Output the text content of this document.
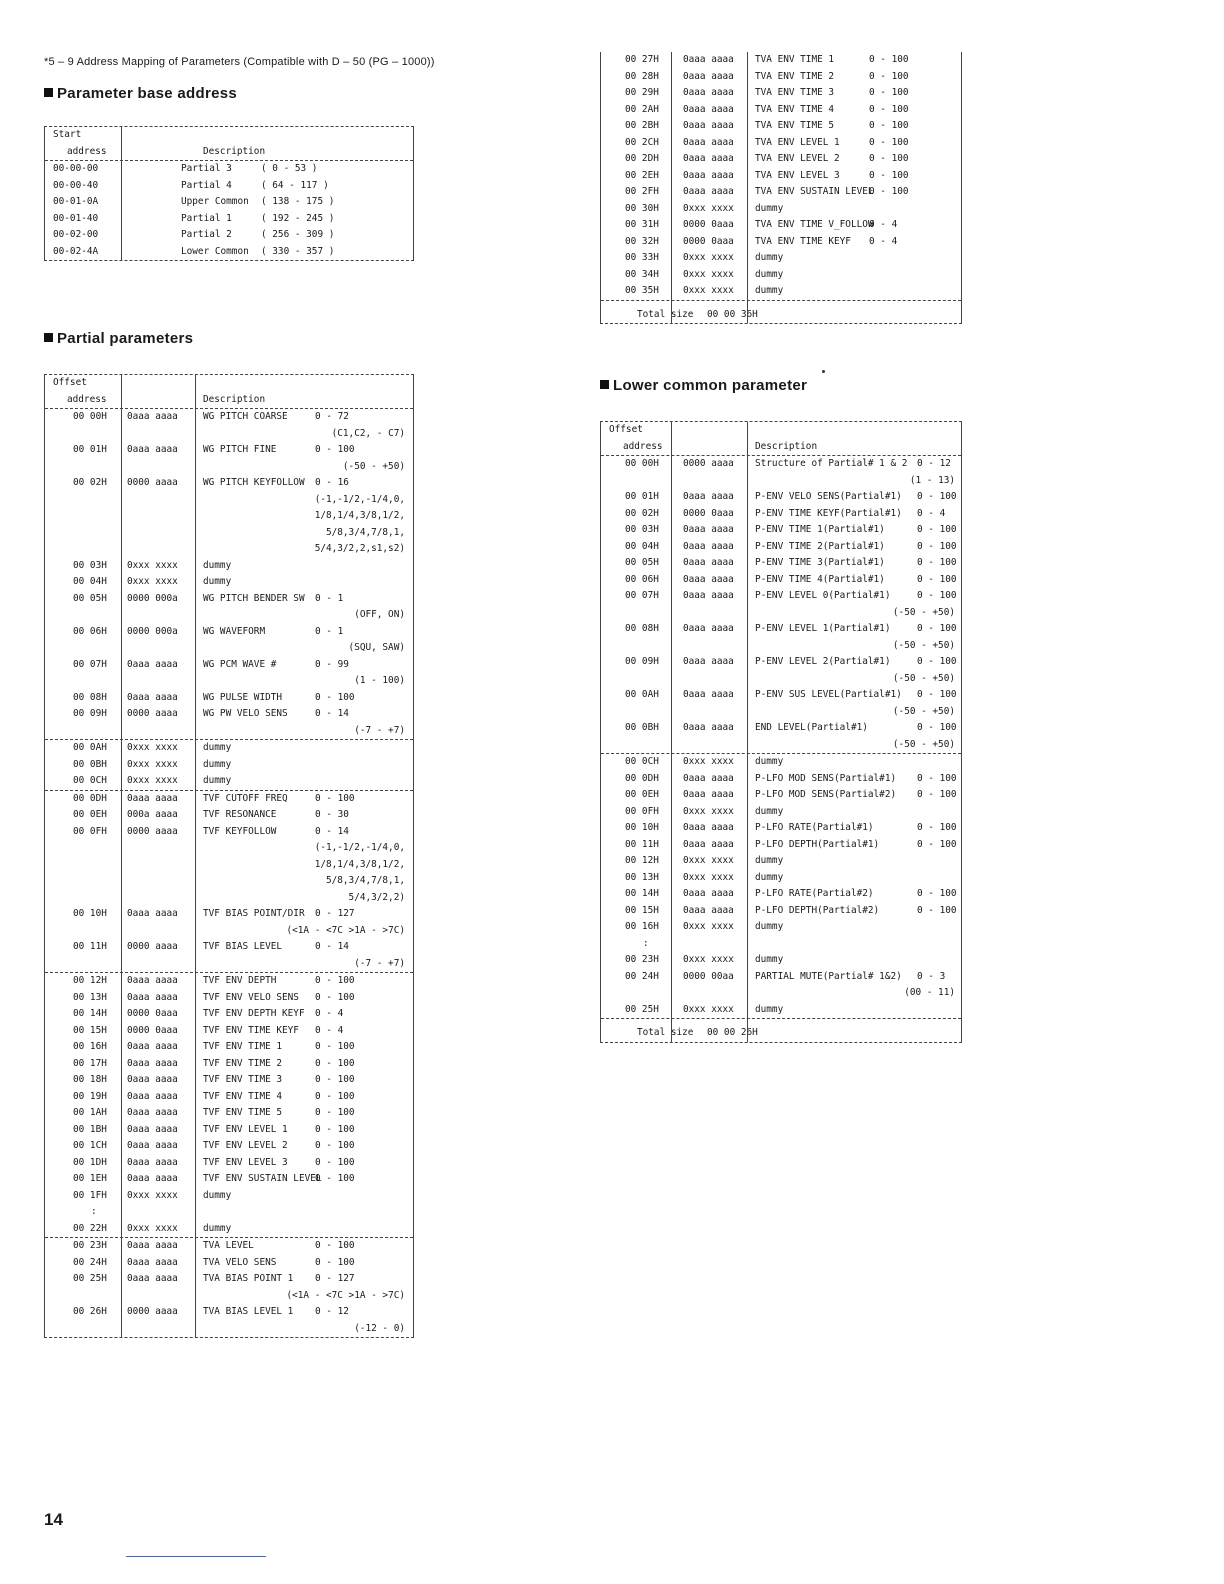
*5 – 9 Address Mapping of Parameters (Compatible with D – 50 (PG – 1000))
Parameter base address
Start
address	Description
00-00-00	Partial 3	( 0 - 53 )
00-00-40	Partial 4	( 64 - 117 )
00-01-0A	Upper Common ( 138 - 175 )
00-01-40	Partial 1	( 192 - 245 )
00-02-00	Partial 2	( 256 - 309 )
00-02-4A	Lower Common ( 330 - 357 )
Partial parameters
Offset
address	Description
00 00H 0aaa aaaa	WG PITCH COARSE	0 - 72
(C1,C2, - C7)
00 01H 0aaa aaaa	WG PITCH FINE	0 - 100
(-50 - +50)
00 02H 0000 aaaa	WG PITCH KEYFOLLOW 0 - 16
(-1,-1/2,-1/4,0,
1/8,1/4,3/8,1/2,
5/8,3/4,7/8,1,
5/4,3/2,2,s1,s2)
00 03H 0xxx xxxx	dummy
00 04H 0xxx xxxx	dummy
00 05H 0000 000a	WG PITCH BENDER SW 0 - 1
(OFF, ON)
00 06H 0000 000a	WG WAVEFORM	0 - 1
(SQU, SAW)
00 07H 0aaa aaaa	WG PCM WAVE #	0 - 99
(1 - 100)
00 08H 0aaa aaaa	WG PULSE WIDTH	0 - 100
00 09H 0000 aaaa	WG PW VELO SENS	0 - 14
(-7 - +7)
00 0AH 0xxx xxxx	dummy
00 0BH 0xxx xxxx	dummy
00 0CH 0xxx xxxx	dummy
00 0DH 0aaa aaaa	TVF CUTOFF FREQ	0 - 100
00 0EH 000a aaaa	TVF RESONANCE	0 - 30
00 0FH 0000 aaaa	TVF KEYFOLLOW	0 - 14
(-1,-1/2,-1/4,0,
1/8,1/4,3/8,1/2,
5/8,3/4,7/8,1,
5/4,3/2,2)
00 10H 0aaa aaaa	TVF BIAS POINT/DIR 0 - 127
(<1A - <7C >1A - >7C)
00 11H 0000 aaaa	TVF BIAS LEVEL	0 - 14
(-7 - +7)
00 12H 0aaa aaaa	TVF ENV DEPTH	0 - 100
00 13H 0aaa aaaa	TVF ENV VELO SENS 0 - 100
00 14H 0000 0aaa	TVF ENV DEPTH KEYF 0 - 4
00 15H 0000 0aaa	TVF ENV TIME KEYF 0 - 4
00 16H 0aaa aaaa	TVF ENV TIME 1	0 - 100
00 17H 0aaa aaaa	TVF ENV TIME 2	0 - 100
00 18H 0aaa aaaa	TVF ENV TIME 3	0 - 100
00 19H 0aaa aaaa	TVF ENV TIME 4	0 - 100
00 1AH 0aaa aaaa	TVF ENV TIME 5	0 - 100
00 1BH 0aaa aaaa	TVF ENV LEVEL 1	0 - 100
00 1CH 0aaa aaaa	TVF ENV LEVEL 2	0 - 100
00 1DH 0aaa aaaa	TVF ENV LEVEL 3	0 - 100
00 1EH 0aaa aaaa	TVF ENV SUSTAIN LEVEL
0 - 100
00 1FH 0xxx xxxx	dummy
:
00 22H 0xxx xxxx	dummy
00 23H 0aaa aaaa	TVA LEVEL	0 - 100
00 24H 0aaa aaaa	TVA VELO SENS	0 - 100
00 25H 0aaa aaaa	TVA BIAS POINT 1 0 - 127
(<1A - <7C >1A - >7C)
00 26H 0000 aaaa	TVA BIAS LEVEL 1 0 - 12
(-12 - 0)
00 27H	0aaa aaaa TVA ENV TIME 1	0 - 100
00 28H	0aaa aaaa TVA ENV TIME 2	0 - 100
00 29H	0aaa aaaa TVA ENV TIME 3	0 - 100
00 2AH	0aaa aaaa TVA ENV TIME 4	0 - 100
00 2BH	0aaa aaaa TVA ENV TIME 5	0 - 100
00 2CH	0aaa aaaa TVA ENV LEVEL 1	0 - 100
00 2DH	0aaa aaaa TVA ENV LEVEL 2	0 - 100
00 2EH	0aaa aaaa TVA ENV LEVEL 3	0 - 100
00 2FH	0aaa aaaa TVA ENV SUSTAIN LEVEL
0 - 100
00 30H	0xxx xxxx dummy
00 31H	0000 0aaa TVA ENV TIME V_FOLLOW
0 - 4
00 32H	0000 0aaa TVA ENV TIME KEYF 0 - 4
00 33H	0xxx xxxx dummy
00 34H	0xxx xxxx dummy
00 35H	0xxx xxxx dummy
Total size 00 00 36H
Lower common parameter
Offset
address	Description
00 00H	0000 aaaa Structure of Partial# 1 & 2 0 - 12
(1 - 13)
00 01H	0aaa aaaa P-ENV VELO SENS(Partial#1) 0 - 100
00 02H	0000 0aaa P-ENV TIME KEYF(Partial#1) 0 - 4
00 03H	0aaa aaaa P-ENV TIME 1(Partial#1)	0 - 100
00 04H	0aaa aaaa P-ENV TIME 2(Partial#1)	0 - 100
00 05H	0aaa aaaa P-ENV TIME 3(Partial#1)	0 - 100
00 06H	0aaa aaaa P-ENV TIME 4(Partial#1)	0 - 100
00 07H	0aaa aaaa P-ENV LEVEL 0(Partial#1)	0 - 100
(-50 - +50)
00 08H	0aaa aaaa P-ENV LEVEL 1(Partial#1)	0 - 100
(-50 - +50)
00 09H	0aaa aaaa P-ENV LEVEL 2(Partial#1)	0 - 100
(-50 - +50)
00 0AH	0aaa aaaa P-ENV SUS LEVEL(Partial#1) 0 - 100
(-50 - +50)
00 0BH	0aaa aaaa END LEVEL(Partial#1)	0 - 100
(-50 - +50)
00 0CH	0xxx xxxx dummy
00 0DH	0aaa aaaa P-LFO MOD SENS(Partial#1) 0 - 100
00 0EH	0aaa aaaa P-LFO MOD SENS(Partial#2) 0 - 100
00 0FH	0xxx xxxx dummy
00 10H	0aaa aaaa P-LFO RATE(Partial#1)	0 - 100
00 11H	0aaa aaaa P-LFO DEPTH(Partial#1)	0 - 100
00 12H	0xxx xxxx dummy
00 13H	0xxx xxxx dummy
00 14H	0aaa aaaa P-LFO RATE(Partial#2)	0 - 100
00 15H	0aaa aaaa P-LFO DEPTH(Partial#2)	0 - 100
00 16H	0xxx xxxx dummy
:
00 23H	0xxx xxxx dummy
00 24H	0000 00aa PARTIAL MUTE(Partial# 1&2) 0 - 3
(00 - 11)
00 25H	0xxx xxxx dummy
Total size 00 00 26H
14
